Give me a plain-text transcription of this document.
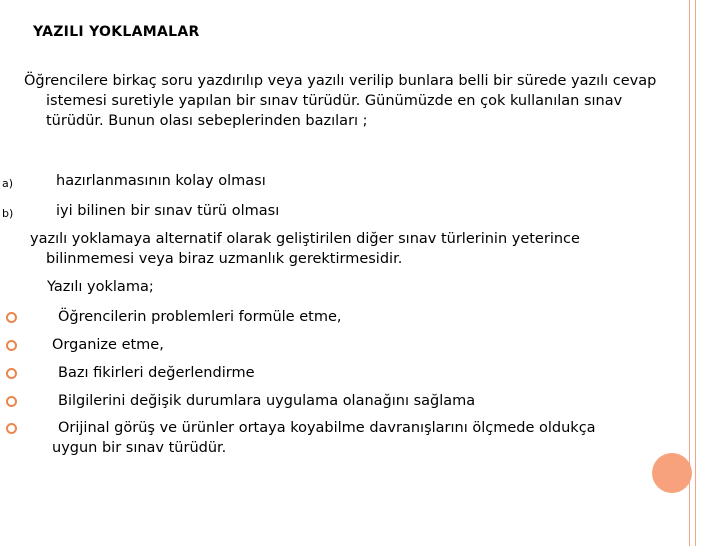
YAZILI YOKLAMALAR
Öğrencilere birkaç soru yazdırılıp veya yazılı verilip bunlara belli bir sürede yazılı cevap istemesi suretiyle yapılan bir sınav türüdür. Günümüzde en çok kullanılan sınav türüdür. Bunun olası sebeplerinden bazıları ;
a)	hazırlanmasının kolay olması
b)	iyi bilinen bir sınav türü olması
yazılı yoklamaya alternatif olarak geliştirilen diğer sınav türlerinin yeterince bilinmemesi veya biraz uzmanlık gerektirmesidir.
Yazılı yoklama;
Öğrencilerin problemleri formüle etme,
Organize etme,
Bazı fikirleri değerlendirme
Bilgilerini değişik durumlara uygulama olanağını sağlama
Orijinal görüş ve ürünler ortaya koyabilme davranışlarını ölçmede oldukça uygun bir sınav türüdür.
